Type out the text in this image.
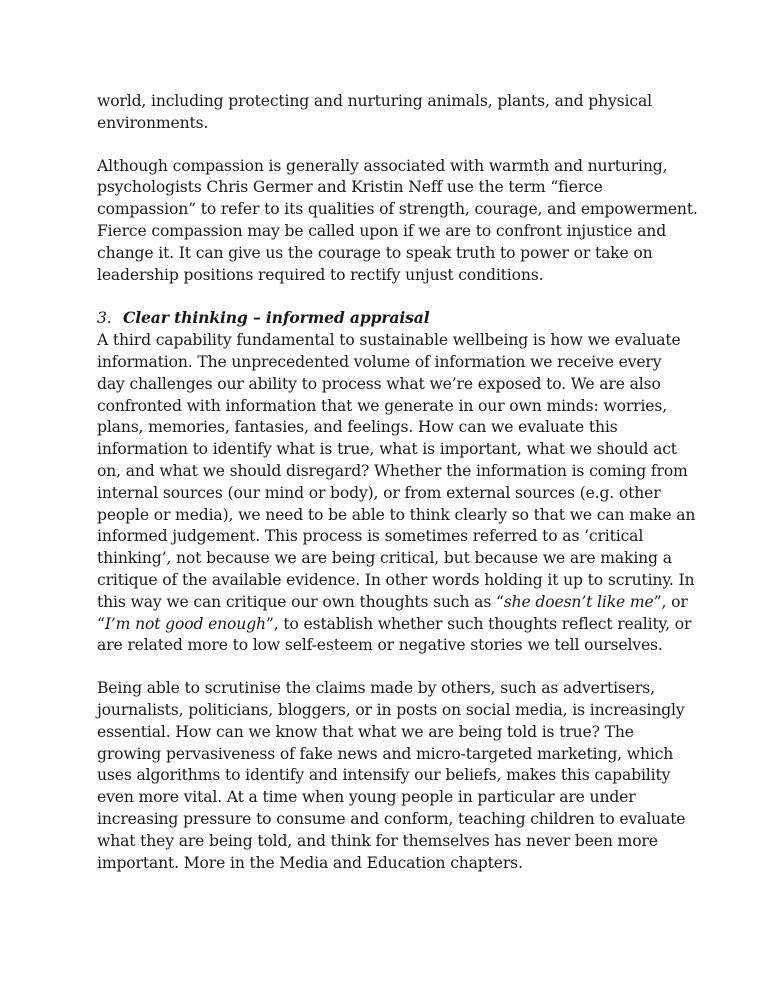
world, including protecting and nurturing animals, plants, and physical
environments.
Although compassion is generally associated with warmth and nurturing,
psychologists Chris Germer and Kristin Neff use the term “fierce
compassion” to refer to its qualities of strength, courage, and empowerment.
Fierce compassion may be called upon if we are to confront injustice and
change it. It can give us the courage to speak truth to power or take on
leadership positions required to rectify unjust conditions.
3. Clear thinking – informed appraisal
A third capability fundamental to sustainable wellbeing is how we evaluate
information. The unprecedented volume of information we receive every
day challenges our ability to process what we’re exposed to. We are also
confronted with information that we generate in our own minds: worries,
plans, memories, fantasies, and feelings. How can we evaluate this
information to identify what is true, what is important, what we should act
on, and what we should disregard? Whether the information is coming from
internal sources (our mind or body), or from external sources (e.g. other
people or media), we need to be able to think clearly so that we can make an
informed judgement. This process is sometimes referred to as ‘critical
thinking’, not because we are being critical, but because we are making a
critique of the available evidence. In other words holding it up to scrutiny. In
this way we can critique our own thoughts such as “she doesn’t like me”, or
“I’m not good enough”, to establish whether such thoughts reflect reality, or
are related more to low self-esteem or negative stories we tell ourselves.
Being able to scrutinise the claims made by others, such as advertisers,
journalists, politicians, bloggers, or in posts on social media, is increasingly
essential. How can we know that what we are being told is true? The
growing pervasiveness of fake news and micro-targeted marketing, which
uses algorithms to identify and intensify our beliefs, makes this capability
even more vital. At a time when young people in particular are under
increasing pressure to consume and conform, teaching children to evaluate
what they are being told, and think for themselves has never been more
important. More in the Media and Education chapters.
